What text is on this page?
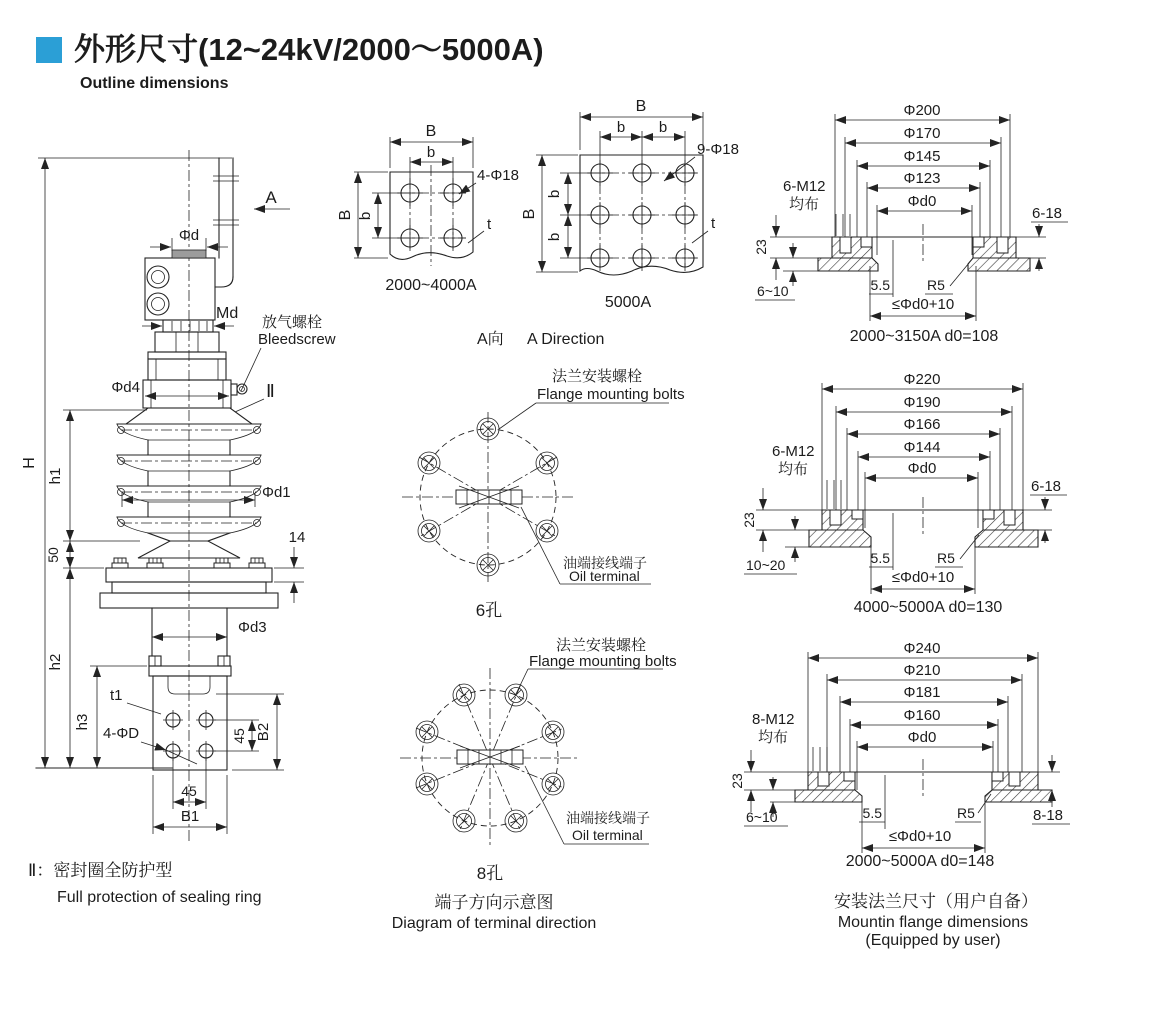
外形尺寸(12~24kV/2000～5000A)
Outline dimensions
H
h1
50
h2
h3
Φd
A
Md
Φd4
放气螺栓
Bleedscrew
Ⅱ
Φd1
14
Φd3
t1
4-ΦD	45 B2
45
B1
Ⅱ：密封圈全防护型
Full protection of sealing ring
B
b
B b
4-Φ18
t
2000~4000A
B
b b
B
b
b
9-Φ18
t
5000A
A向 A Direction
法兰安装螺栓
Flange mounting bolts
油端接线端子
Oil terminal
6孔
法兰安装螺栓
Flange mounting bolts
油端接线端子
Oil terminal
8孔
端子方向示意图
Diagram of terminal direction
Φ200
Φ170
Φ145
Φ123
Φd0
6-M12
均布
23
6~10
6-18
5.5	R5
≤Φd0+10
2000~3150A d0=108
Φ220
Φ190
Φ166
Φ144
Φd0
6-M12
均布
23
10~20
6-18
5.5	R5
≤Φd0+10
4000~5000A d0=130
Φ240
Φ210
Φ181
Φ160
Φd0
8-M12
均布
23
6~10	8-18
5.5	R5
≤Φd0+10
2000~5000A d0=148
安装法兰尺寸（用户自备）
Mountin flange dimensions
(Equipped by user)
